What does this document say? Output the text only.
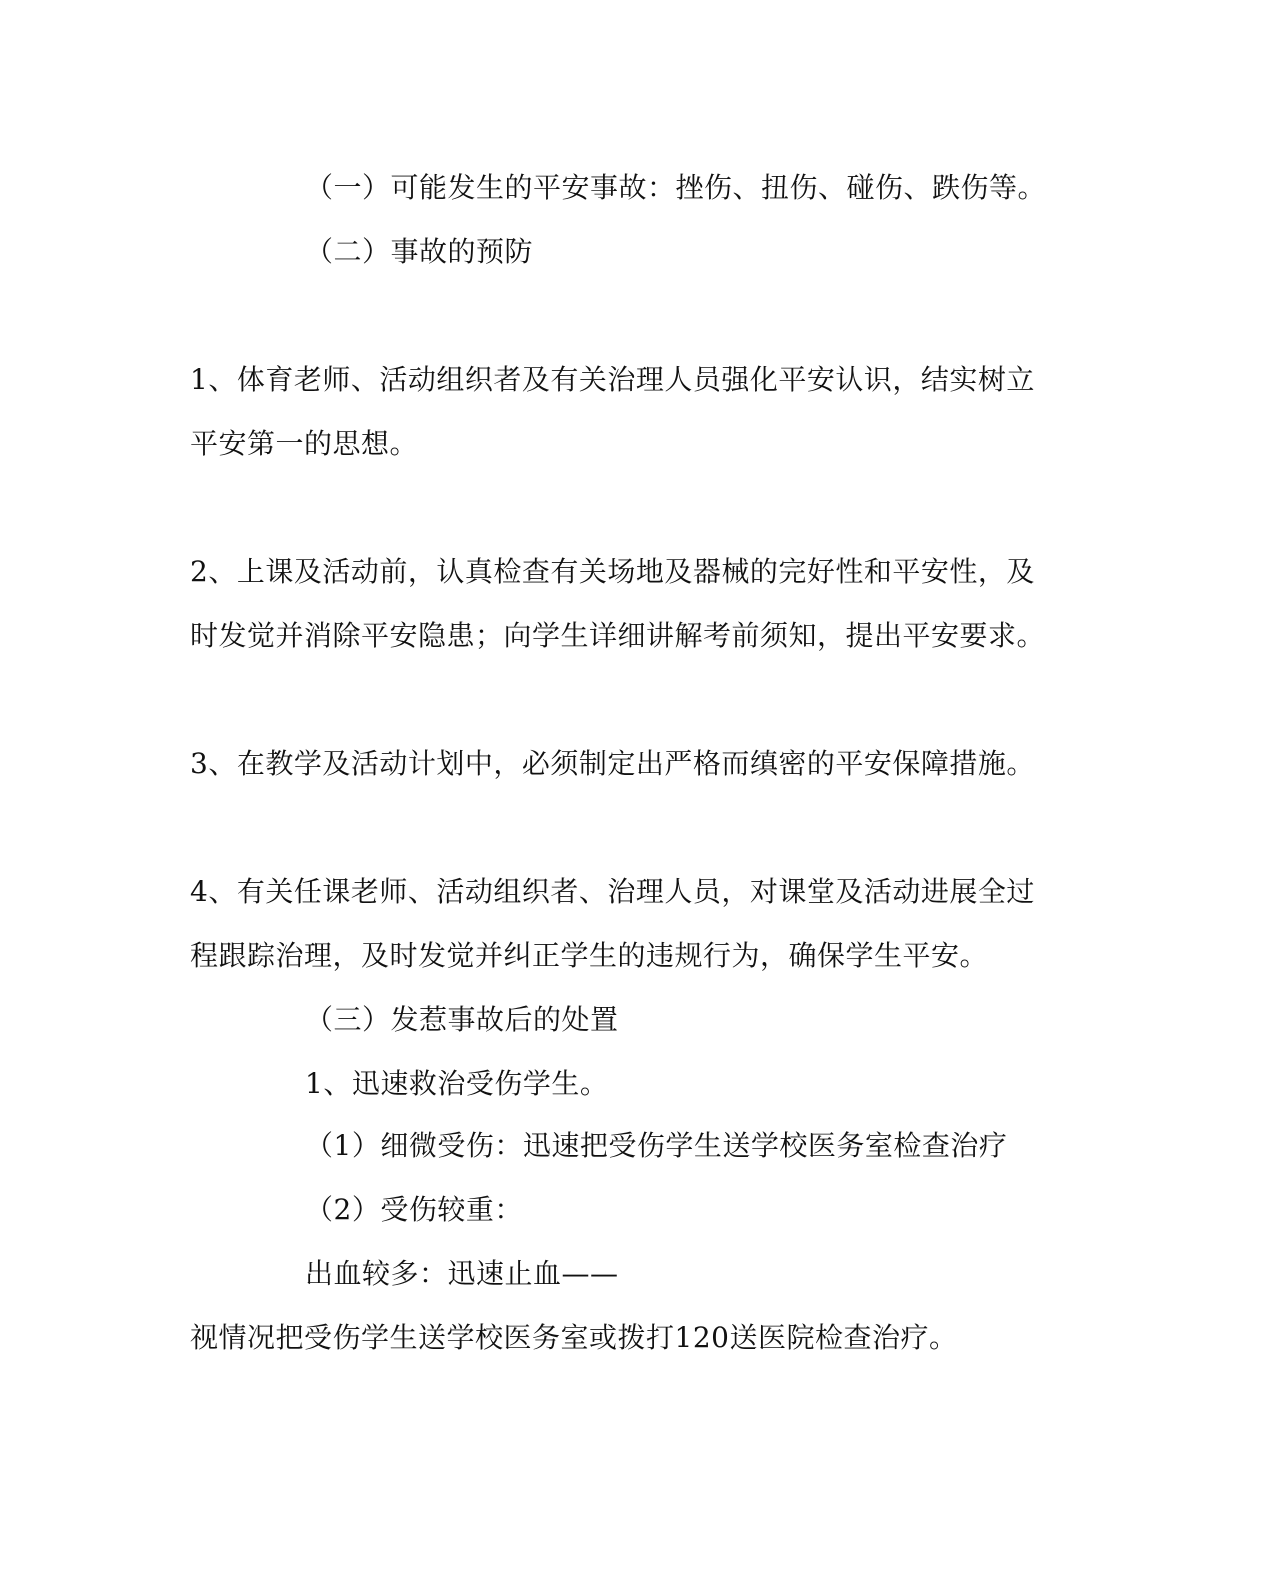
（一）可能发生的平安事故：挫伤、扭伤、碰伤、跌伤等。
（二）事故的预防
1、体育老师、活动组织者及有关治理人员强化平安认识，结实树立
平安第一的思想。
2、上课及活动前，认真检查有关场地及器械的完好性和平安性，及
时发觉并消除平安隐患；向学生详细讲解考前须知，提出平安要求。
3、在教学及活动计划中，必须制定出严格而缜密的平安保障措施。
4、有关任课老师、活动组织者、治理人员，对课堂及活动进展全过
程跟踪治理，及时发觉并纠正学生的违规行为，确保学生平安。
（三）发惹事故后的处置
1、迅速救治受伤学生。
（1）细微受伤：迅速把受伤学生送学校医务室检查治疗
（2）受伤较重：
出血较多：迅速止血——
视情况把受伤学生送学校医务室或拨打120送医院检查治疗。
